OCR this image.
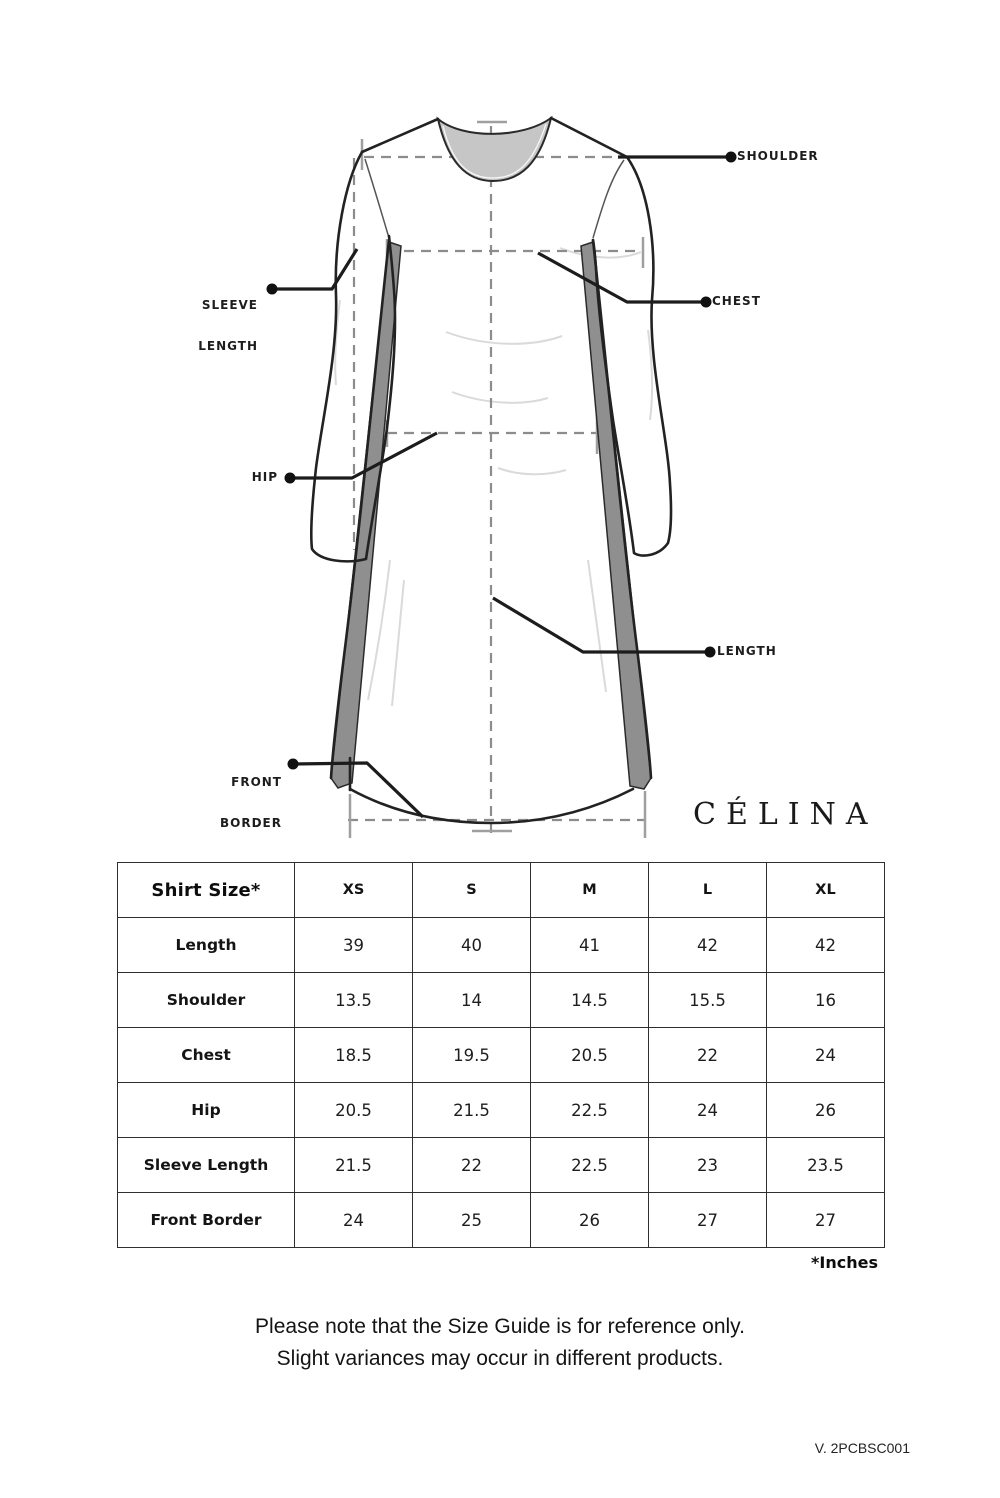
SHOULDER
CHEST

SLEEVE

LENGTH

HIP
LENGTH

FRONT

BORDER

	CÉLINA
Shirt Size*	XS	S	M	L	XL
Length	39	40	41	42	42
Shoulder	13.5	14	14.5	15.5	16
Chest	18.5	19.5	20.5	22	24
Hip	20.5	21.5	22.5	24	26
Sleeve Length	21.5	22	22.5	23	23.5
Front Border	24	25	26	27	27
*Inches
Please note that the Size Guide is for reference only.
Slight variances may occur in different products.
V. 2PCBSC001
